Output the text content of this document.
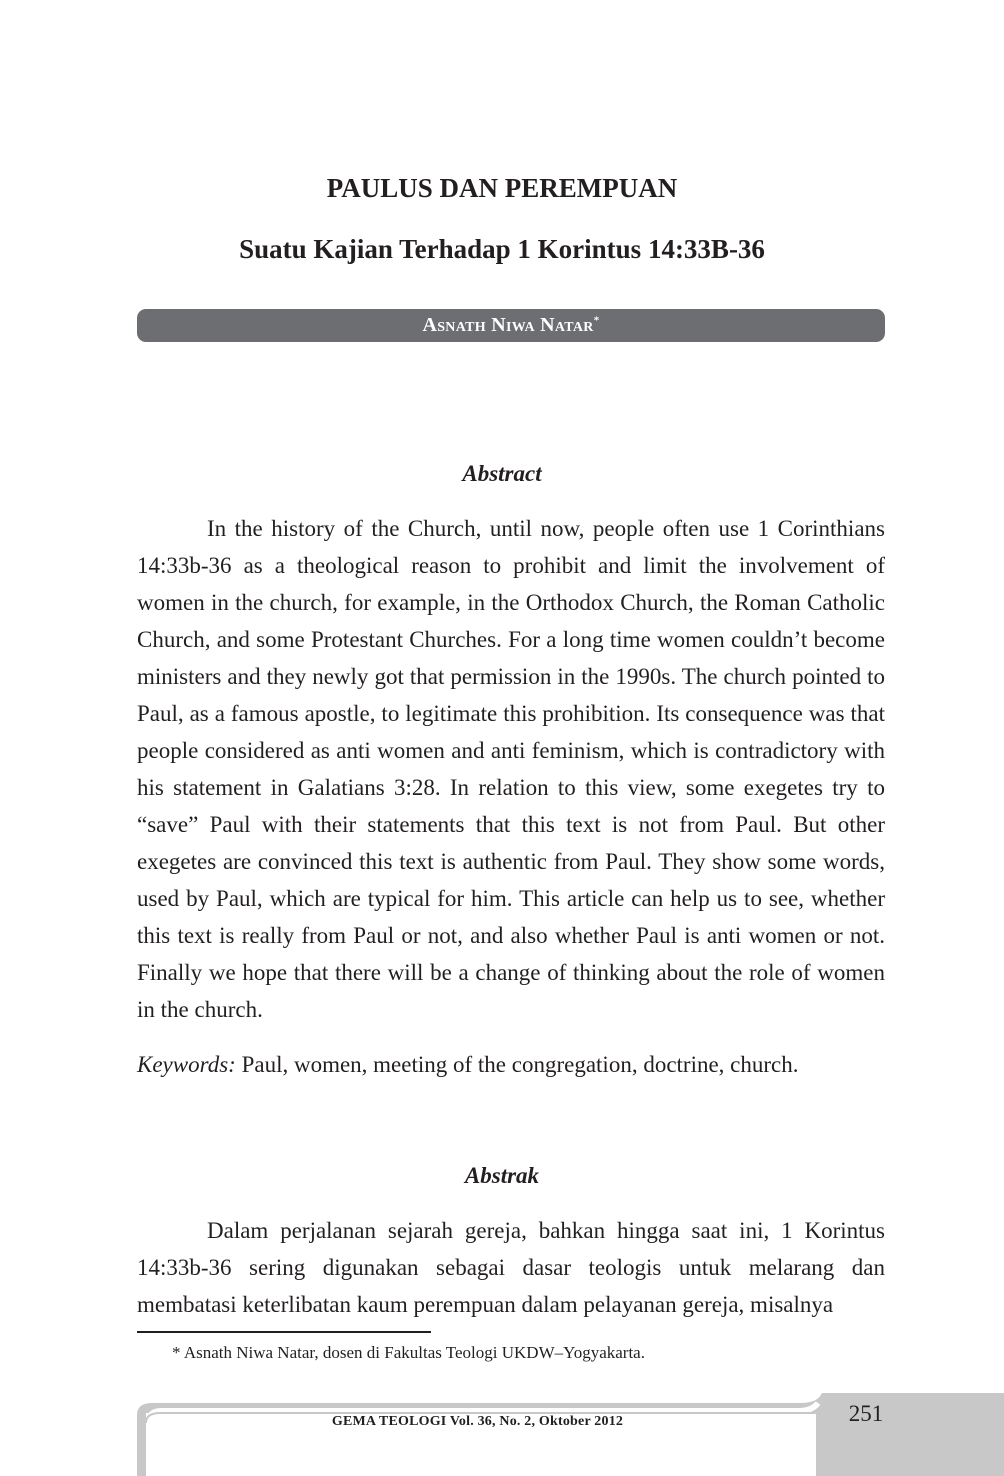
PAULUS DAN PEREMPUAN
Suatu Kajian Terhadap 1 Korintus 14:33B-36
Asnath Niwa Natar*
Abstract

In the history of the Church, until now, people often use 1 Corinthians 14:33b-36 as a theological reason to prohibit and limit the involvement of women in the church, for example, in the Orthodox Church, the Roman Catholic Church, and some Protestant Churches. For a long time women couldn’t become ministers and they newly got that permission in the 1990s. The church pointed to Paul, as a famous apostle, to legitimate this prohibition. Its consequence was that people considered as anti women and anti feminism, which is contradictory with his statement in Galatians 3:28. In relation to this view, some exegetes try to “save” Paul with their statements that this text is not from Paul. But other exegetes are convinced this text is authentic from Paul. They show some words, used by Paul, which are typical for him. This article can help us to see, whether this text is really from Paul or not, and also whether Paul is anti women or not. Finally we hope that there will be a change of thinking about the role of women in the church.

Keywords: Paul, women, meeting of the congregation, doctrine, church.

Abstrak

Dalam perjalanan sejarah gereja, bahkan hingga saat ini, 1 Korintus 14:33b-36 sering digunakan sebagai dasar teologis untuk melarang dan membatasi keterlibatan kaum perempuan dalam pelayanan gereja, misalnya

* Asnath Niwa Natar, dosen di Fakultas Teologi UKDW–Yogyakarta.

GEMA TEOLOGI Vol. 36, No. 2, Oktober 2012	251
